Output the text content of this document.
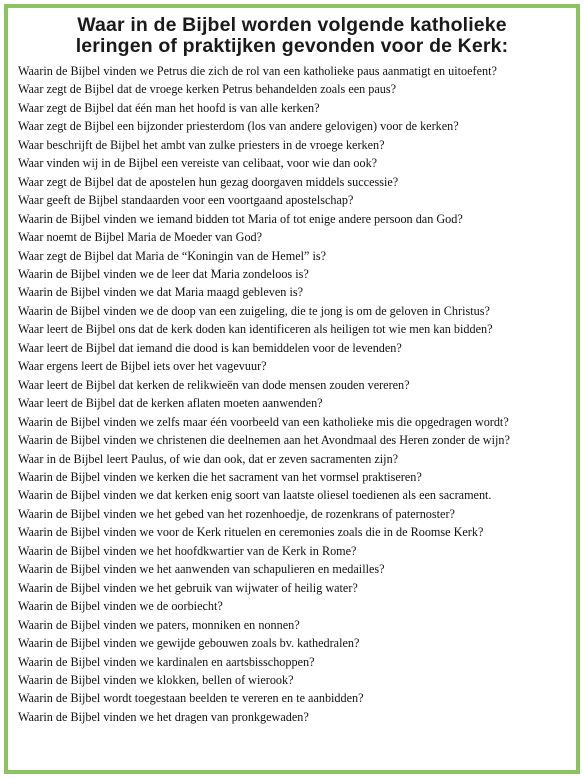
Waar in de Bijbel worden volgende katholieke
leringen of praktijken gevonden voor de Kerk:
Waarin de Bijbel vinden we Petrus die zich de rol van een katholieke paus aanmatigt en uitoefent?
Waar zegt de Bijbel dat de vroege kerken Petrus behandelden zoals een paus?
Waar zegt de Bijbel dat één man het hoofd is van alle kerken?
Waar zegt de Bijbel een bijzonder priesterdom (los van andere gelovigen) voor de kerken?
Waar beschrijft de Bijbel het ambt van zulke priesters in de vroege kerken?
Waar vinden wij in de Bijbel een vereiste van celibaat, voor wie dan ook?
Waar zegt de Bijbel dat de apostelen hun gezag doorgaven middels successie?
Waar geeft de Bijbel standaarden voor een voortgaand apostelschap?
Waarin de Bijbel vinden we iemand bidden tot Maria of tot enige andere persoon dan God?
Waar noemt de Bijbel Maria de Moeder van God?
Waar zegt de Bijbel dat Maria de “Koningin van de Hemel” is?
Waarin de Bijbel vinden we de leer dat Maria zondeloos is?
Waarin de Bijbel vinden we dat Maria maagd gebleven is?
Waarin de Bijbel vinden we de doop van een zuigeling, die te jong is om de geloven in Christus?
Waar leert de Bijbel ons dat de kerk doden kan identificeren als heiligen tot wie men kan bidden?
Waar leert de Bijbel dat iemand die dood is kan bemiddelen voor de levenden?
Waar ergens leert de Bijbel iets over het vagevuur?
Waar leert de Bijbel dat kerken de relikwieën van dode mensen zouden vereren?
Waar leert de Bijbel dat de kerken aflaten moeten aanwenden?
Waarin de Bijbel vinden we zelfs maar één voorbeeld van een katholieke mis die opgedragen wordt?
Waarin de Bijbel vinden we christenen die deelnemen aan het Avondmaal des Heren zonder de wijn?
Waar in de Bijbel leert Paulus, of wie dan ook, dat er zeven sacramenten zijn?
Waarin de Bijbel vinden we kerken die het sacrament van het vormsel praktiseren?
Waarin de Bijbel vinden we dat kerken enig soort van laatste oliesel toedienen als een sacrament.
Waarin de Bijbel vinden we het gebed van het rozenhoedje, de rozenkrans of paternoster?
Waarin de Bijbel vinden we voor de Kerk rituelen en ceremonies zoals die in de Roomse Kerk?
Waarin de Bijbel vinden we het hoofdkwartier van de Kerk in Rome?
Waarin de Bijbel vinden we het aanwenden van schapulieren en medailles?
Waarin de Bijbel vinden we het gebruik van wijwater of heilig water?
Waarin de Bijbel vinden we de oorbiecht?
Waarin de Bijbel vinden we paters, monniken en nonnen?
Waarin de Bijbel vinden we gewijde gebouwen zoals bv. kathedralen?
Waarin de Bijbel vinden we kardinalen en aartsbisschoppen?
Waarin de Bijbel vinden we klokken, bellen of wierook?
Waarin de Bijbel wordt toegestaan beelden te vereren en te aanbidden?
Waarin de Bijbel vinden we het dragen van pronkgewaden?
